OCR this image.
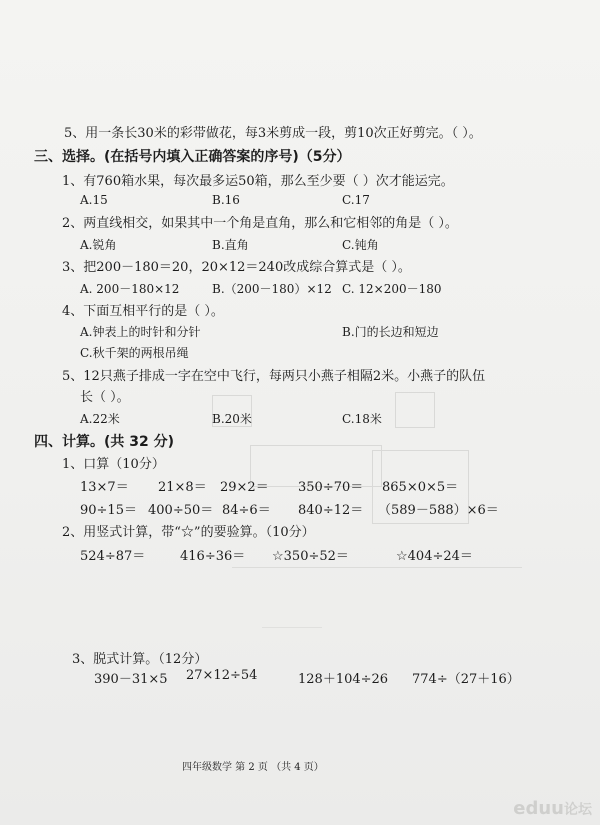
5、用一条长30米的彩带做花，每3米剪成一段，剪10次正好剪完。（ ）。
三、选择。(在括号内填入正确答案的序号)（5分）
1、有760箱水果，每次最多运50箱，那么至少要（ ）次才能运完。
A.15	B.16	C.17
2、两直线相交，如果其中一个角是直角，那么和它相邻的角是（ ）。
A.锐角	B.直角	C.钝角
3、把200－180＝20，20×12＝240改成综合算式是（ ）。
A. 200－180×12	B.（200－180）×12 C. 12×200－180
4、下面互相平行的是（ ）。
A.钟表上的时针和分针	B.门的长边和短边
C.秋千架的两根吊绳
5、12只燕子排成一字在空中飞行，每两只小燕子相隔2米。小燕子的队伍
长（ ）。
A.22米	B.20米	C.18米
四、计算。(共 32 分)
1、口算（10分）
13×7＝ 21×8＝ 29×2＝ 350÷70＝ 865×0×5＝
90÷15＝ 400÷50＝ 84÷6＝ 840÷12＝ （589－588）×6＝
2、用竖式计算，带“☆”的要验算。（10分）
524÷87＝	416÷36＝ ☆350÷52＝	☆404÷24＝
3、脱式计算。（12分）
390－31×5 27×12÷54	128＋104÷26 774÷（27＋16）
四年级数学 第 2 页 （共 4 页）
eduu论坛
